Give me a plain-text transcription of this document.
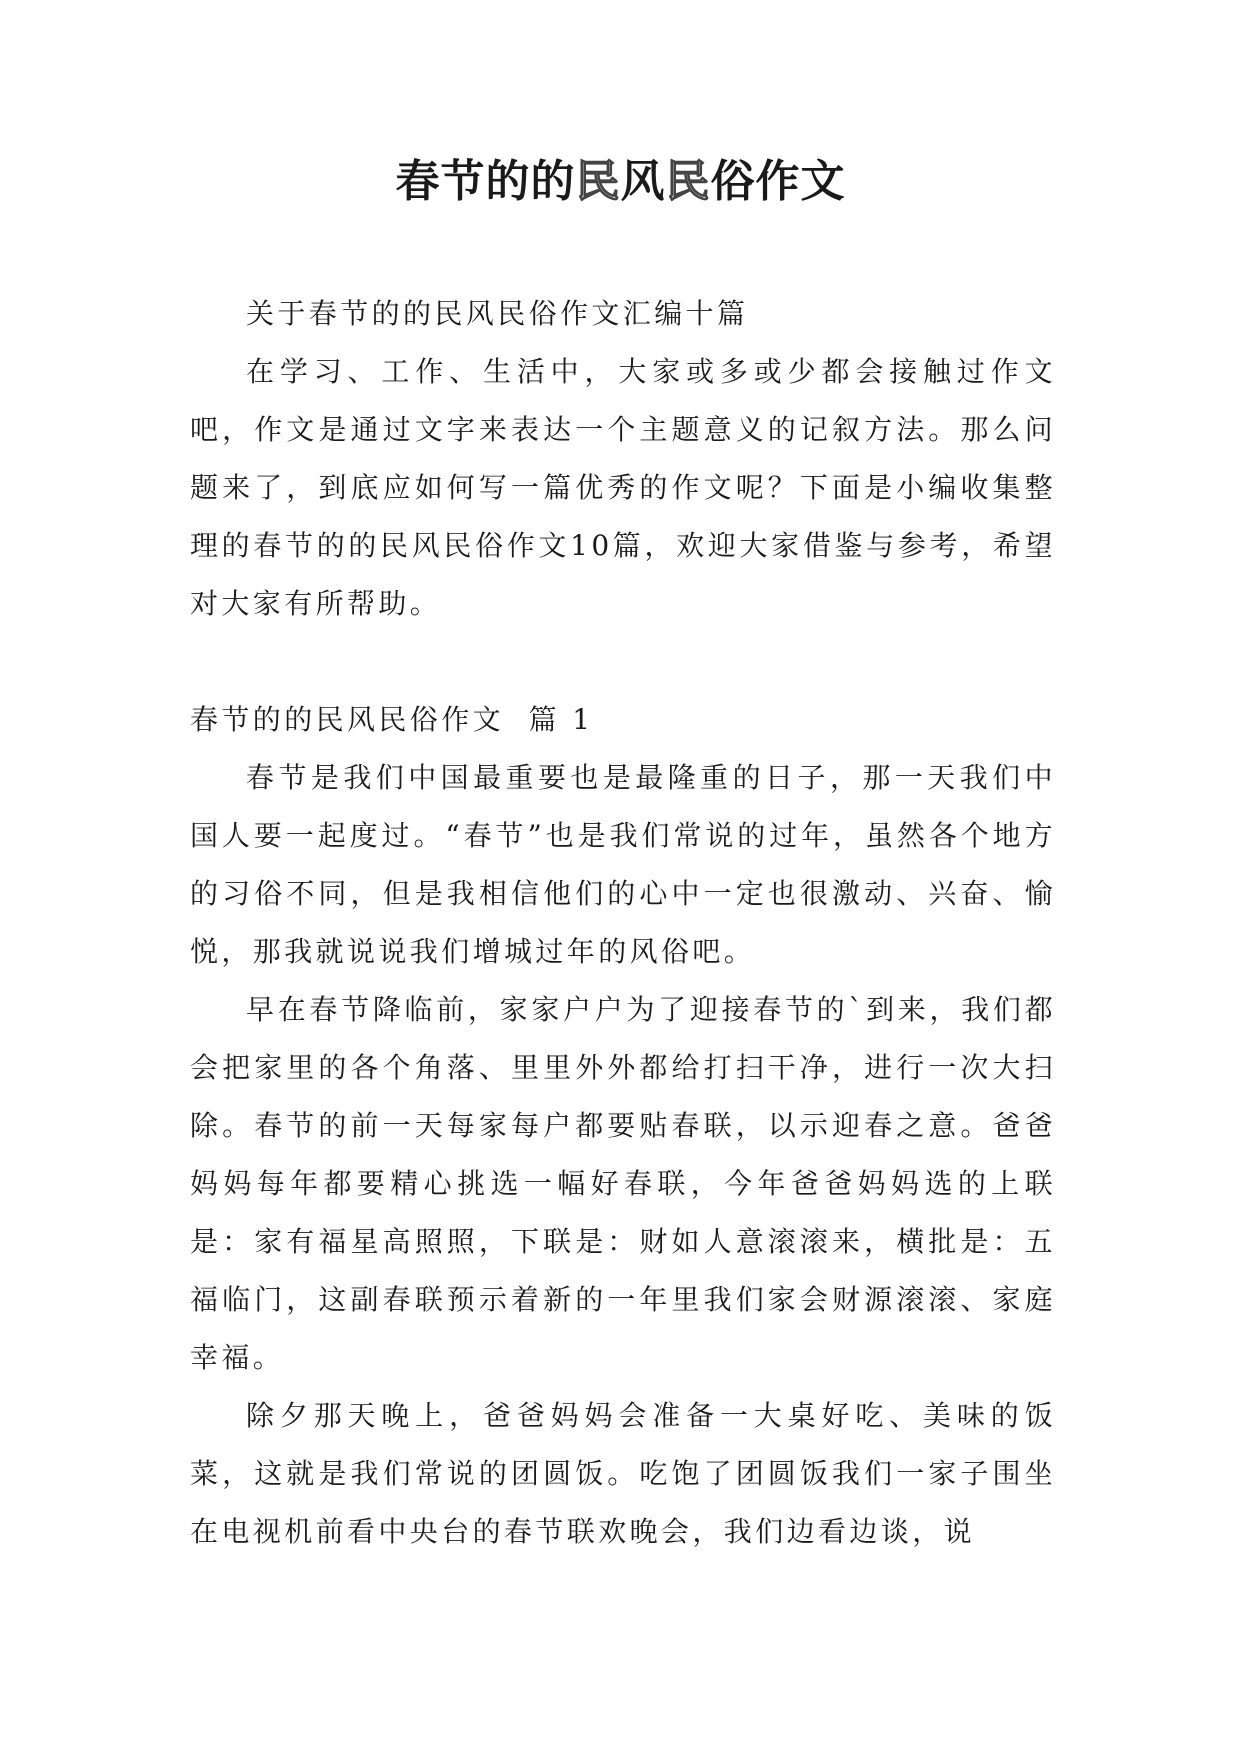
春节的的民风民俗作文

关于春节的的民风民俗作文汇编十篇

在学习、工作、生活中，大家或多或少都会接触过作文吧，作文是通过文字来表达一个主题意义的记叙方法。那么问题来了，到底应如何写一篇优秀的作文呢？下面是小编收集整理的春节的的民风民俗作文10篇，欢迎大家借鉴与参考，希望对大家有所帮助。

春节的的民风民俗作文  篇 1

春节是我们中国最重要也是最隆重的日子，那一天我们中国人要一起度过。“春节”也是我们常说的过年，虽然各个地方的习俗不同，但是我相信他们的心中一定也很激动、兴奋、愉悦，那我就说说我们增城过年的风俗吧。

早在春节降临前，家家户户为了迎接春节的`到来，我们都会把家里的各个角落、里里外外都给打扫干净，进行一次大扫除。春节的前一天每家每户都要贴春联，以示迎春之意。爸爸妈妈每年都要精心挑选一幅好春联，今年爸爸妈妈选的上联是：家有福星高照照，下联是：财如人意滚滚来，横批是：五福临门，这副春联预示着新的一年里我们家会财源滚滚、家庭幸福。

除夕那天晚上，爸爸妈妈会准备一大桌好吃、美味的饭菜，这就是我们常说的团圆饭。吃饱了团圆饭我们一家子围坐在电视机前看中央台的春节联欢晚会，我们边看边谈，说
